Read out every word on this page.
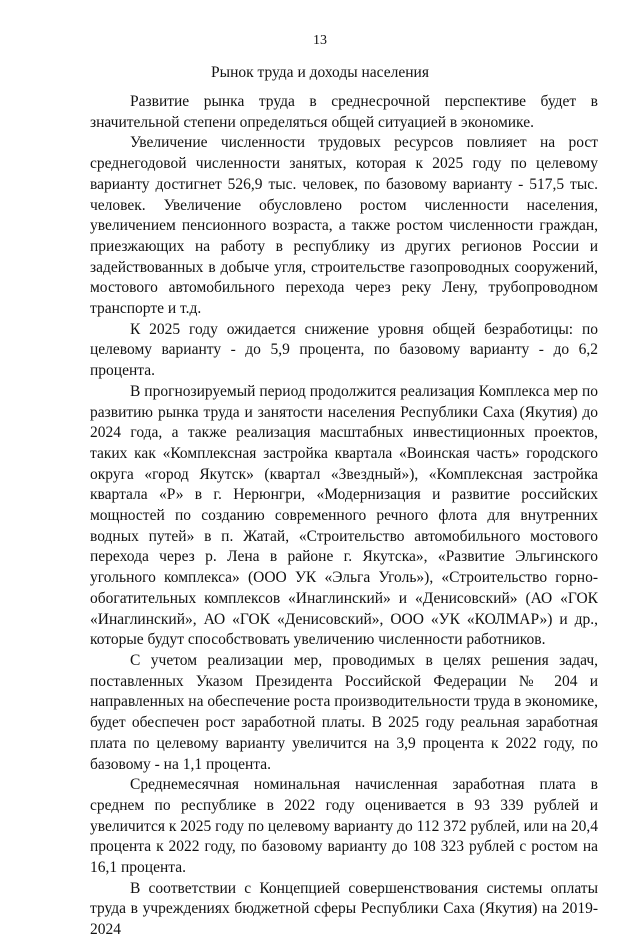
13
Рынок труда и доходы населения

Развитие рынка труда в среднесрочной перспективе будет в значительной степени определяться общей ситуацией в экономике.

Увеличение численности трудовых ресурсов повлияет на рост среднегодовой численности занятых, которая к 2025 году по целевому варианту достигнет 526,9 тыс. человек, по базовому варианту - 517,5 тыс. человек. Увеличение обусловлено ростом численности населения, увеличением пенсионного возраста, а также ростом численности граждан, приезжающих на работу в республику из других регионов России и задействованных в добыче угля, строительстве газопроводных сооружений, мостового автомобильного перехода через реку Лену, трубопроводном транспорте и т.д.

К 2025 году ожидается снижение уровня общей безработицы: по целевому варианту - до 5,9 процента, по базовому варианту - до 6,2 процента.

В прогнозируемый период продолжится реализация Комплекса мер по развитию рынка труда и занятости населения Республики Саха (Якутия) до 2024 года, а также реализация масштабных инвестиционных проектов, таких как «Комплексная застройка квартала «Воинская часть» городского округа «город Якутск» (квартал «Звездный»), «Комплексная застройка квартала «Р» в г. Нерюнгри, «Модернизация и развитие российских мощностей по созданию современного речного флота для внутренних водных путей» в п. Жатай, «Строительство автомобильного мостового перехода через р. Лена в районе г. Якутска», «Развитие Эльгинского угольного комплекса» (ООО УК «Эльга Уголь»), «Строительство горно-обогатительных комплексов «Инаглинский» и «Денисовский» (АО «ГОК «Инаглинский», АО «ГОК «Денисовский», ООО «УК «КОЛМАР») и др., которые будут способствовать увеличению численности работников.

С учетом реализации мер, проводимых в целях решения задач, поставленных Указом Президента Российской Федерации № 204 и направленных на обеспечение роста производительности труда в экономике, будет обеспечен рост заработной платы. В 2025 году реальная заработная плата по целевому варианту увеличится на 3,9 процента к 2022 году, по базовому - на 1,1 процента.

Среднемесячная номинальная начисленная заработная плата в среднем по республике в 2022 году оценивается в 93 339 рублей и увеличится к 2025 году по целевому варианту до 112 372 рублей, или на 20,4 процента к 2022 году, по базовому варианту до 108 323 рублей с ростом на 16,1 процента.

В соответствии с Концепцией совершенствования системы оплаты труда в учреждениях бюджетной сферы Республики Саха (Якутия) на 2019-2024
